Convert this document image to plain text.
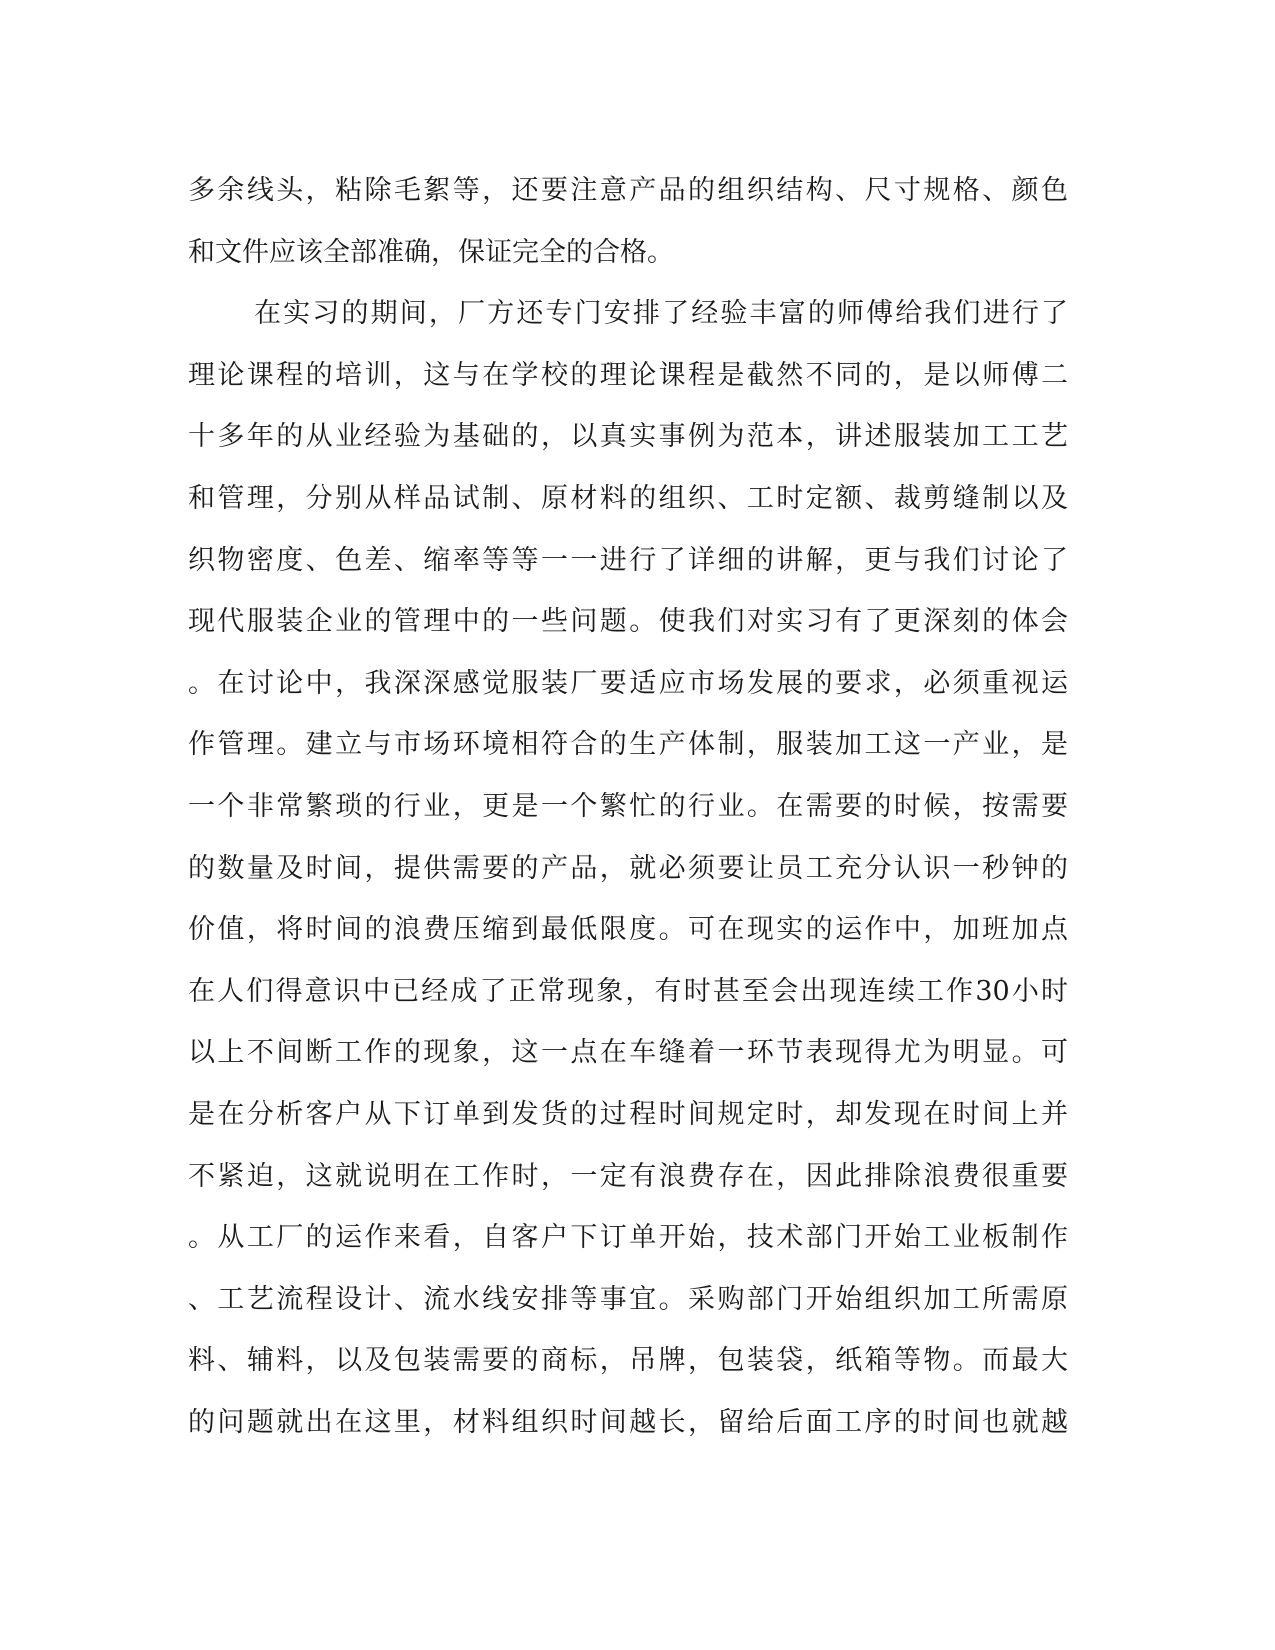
多余线头，粘除毛絮等，还要注意产品的组织结构、尺寸规格、颜色
和文件应该全部准确，保证完全的合格。
在实习的期间，厂方还专门安排了经验丰富的师傅给我们进行了
理论课程的培训，这与在学校的理论课程是截然不同的，是以师傅二
十多年的从业经验为基础的，以真实事例为范本，讲述服装加工工艺
和管理，分别从样品试制、原材料的组织、工时定额、裁剪缝制以及
织物密度、色差、缩率等等一一进行了详细的讲解，更与我们讨论了
现代服装企业的管理中的一些问题。使我们对实习有了更深刻的体会
。在讨论中，我深深感觉服装厂要适应市场发展的要求，必须重视运
作管理。建立与市场环境相符合的生产体制，服装加工这一产业，是
一个非常繁琐的行业，更是一个繁忙的行业。在需要的时候，按需要
的数量及时间，提供需要的产品，就必须要让员工充分认识一秒钟的
价值，将时间的浪费压缩到最低限度。可在现实的运作中，加班加点
在人们得意识中已经成了正常现象，有时甚至会出现连续工作30小时
以上不间断工作的现象，这一点在车缝着一环节表现得尤为明显。可
是在分析客户从下订单到发货的过程时间规定时，却发现在时间上并
不紧迫，这就说明在工作时，一定有浪费存在，因此排除浪费很重要
。从工厂的运作来看，自客户下订单开始，技术部门开始工业板制作
、工艺流程设计、流水线安排等事宜。采购部门开始组织加工所需原
料、辅料，以及包装需要的商标，吊牌，包装袋，纸箱等物。而最大
的问题就出在这里，材料组织时间越长，留给后面工序的时间也就越
